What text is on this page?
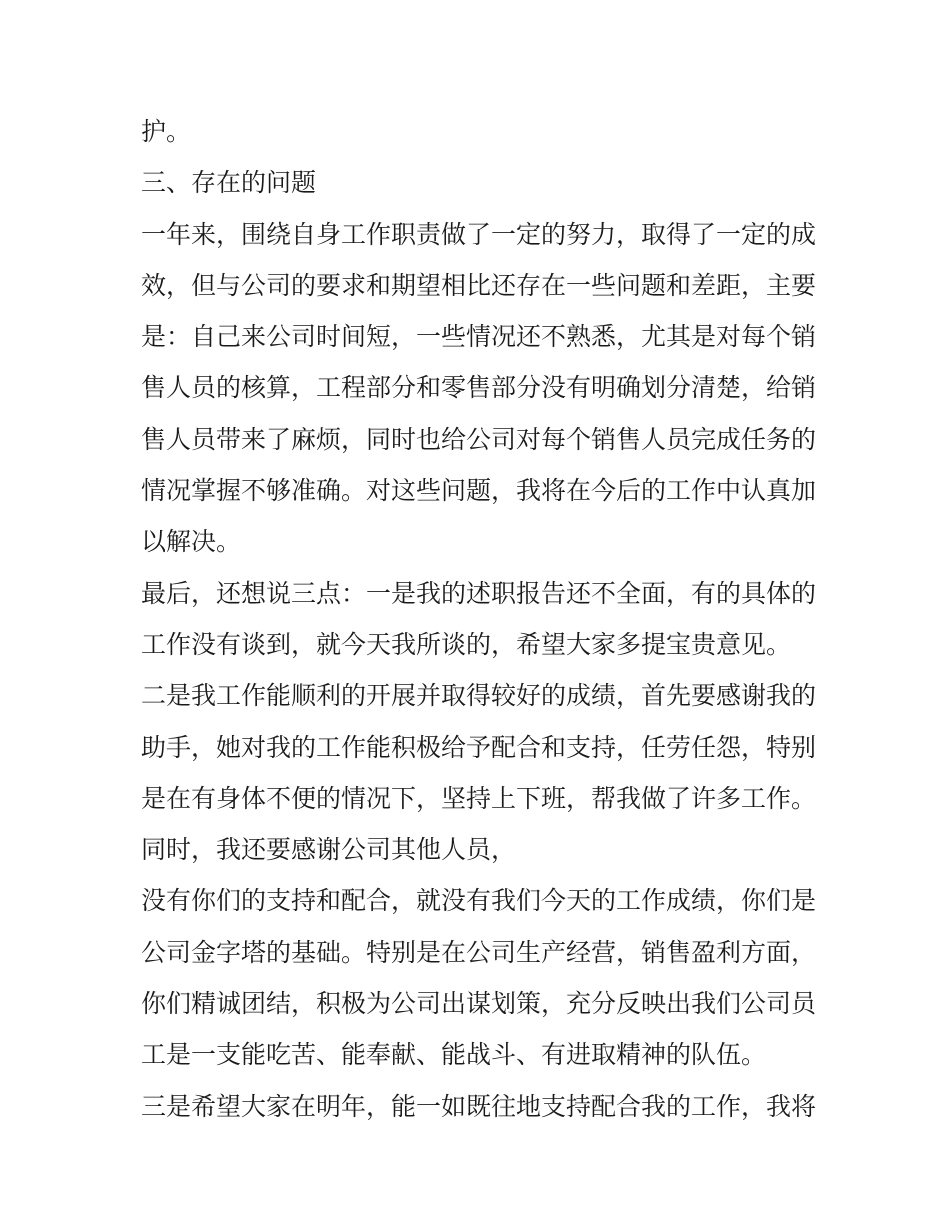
护。
三、存在的问题
一年来，围绕自身工作职责做了一定的努力，取得了一定的成
效，但与公司的要求和期望相比还存在一些问题和差距，主要
是：自己来公司时间短，一些情况还不熟悉，尤其是对每个销
售人员的核算，工程部分和零售部分没有明确划分清楚，给销
售人员带来了麻烦，同时也给公司对每个销售人员完成任务的
情况掌握不够准确。对这些问题，我将在今后的工作中认真加
以解决。
最后，还想说三点：一是我的述职报告还不全面，有的具体的
工作没有谈到，就今天我所谈的，希望大家多提宝贵意见。
二是我工作能顺利的开展并取得较好的成绩，首先要感谢我的
助手，她对我的工作能积极给予配合和支持，任劳任怨，特别
是在有身体不便的情况下，坚持上下班，帮我做了许多工作。
同时，我还要感谢公司其他人员，
没有你们的支持和配合，就没有我们今天的工作成绩，你们是
公司金字塔的基础。特别是在公司生产经营，销售盈利方面，
你们精诚团结，积极为公司出谋划策，充分反映出我们公司员
工是一支能吃苦、能奉献、能战斗、有进取精神的队伍。
三是希望大家在明年，能一如既往地支持配合我的工作，我将
